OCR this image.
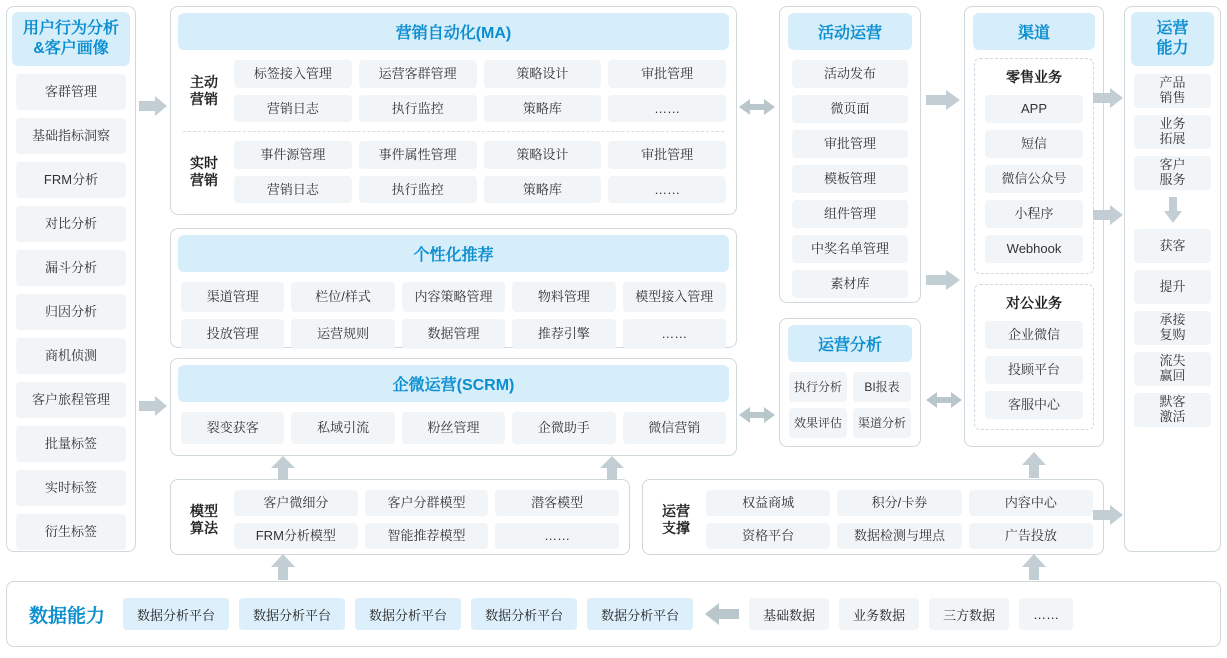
用户行为分析
&客户画像
客群管理
基础指标洞察
FRM分析
对比分析
漏斗分析
归因分析
商机侦测
客户旅程管理
批量标签
实时标签
衍生标签
营销自动化(MA)
主动
营销
标签接入管理	运营客群管理	策略设计	审批管理
营销日志	执行监控	策略库	……
实时
营销
事件源管理	事件属性管理	策略设计	审批管理
营销日志	执行监控	策略库	……
个性化推荐
渠道管理	栏位/样式	内容策略管理	物料管理	模型接入管理
投放管理	运营规则	数据管理	推荐引擎	……
企微运营(SCRM)
裂变获客	私域引流	粉丝管理	企微助手	微信营销
模型
算法
客户微细分	客户分群模型	潜客模型
FRM分析模型	智能推荐模型	……
运营
支撑
权益商城	积分/卡券	内容中心
资格平台	数据检测与埋点	广告投放
活动运营
活动发布
微页面
审批管理
模板管理
组件管理
中奖名单管理
素材库
运营分析
执行分析	BI报表
效果评估	渠道分析
渠道
零售业务
APP
短信
微信公众号
小程序
Webhook
对公业务
企业微信
投顾平台
客服中心
运营
能力
产品
销售
业务
拓展
客户
服务
获客
提升
承接
复购
流失
赢回
默客
激活
数据能力	数据分析平台	数据分析平台	数据分析平台	数据分析平台	数据分析平台	基础数据	业务数据	三方数据	……
